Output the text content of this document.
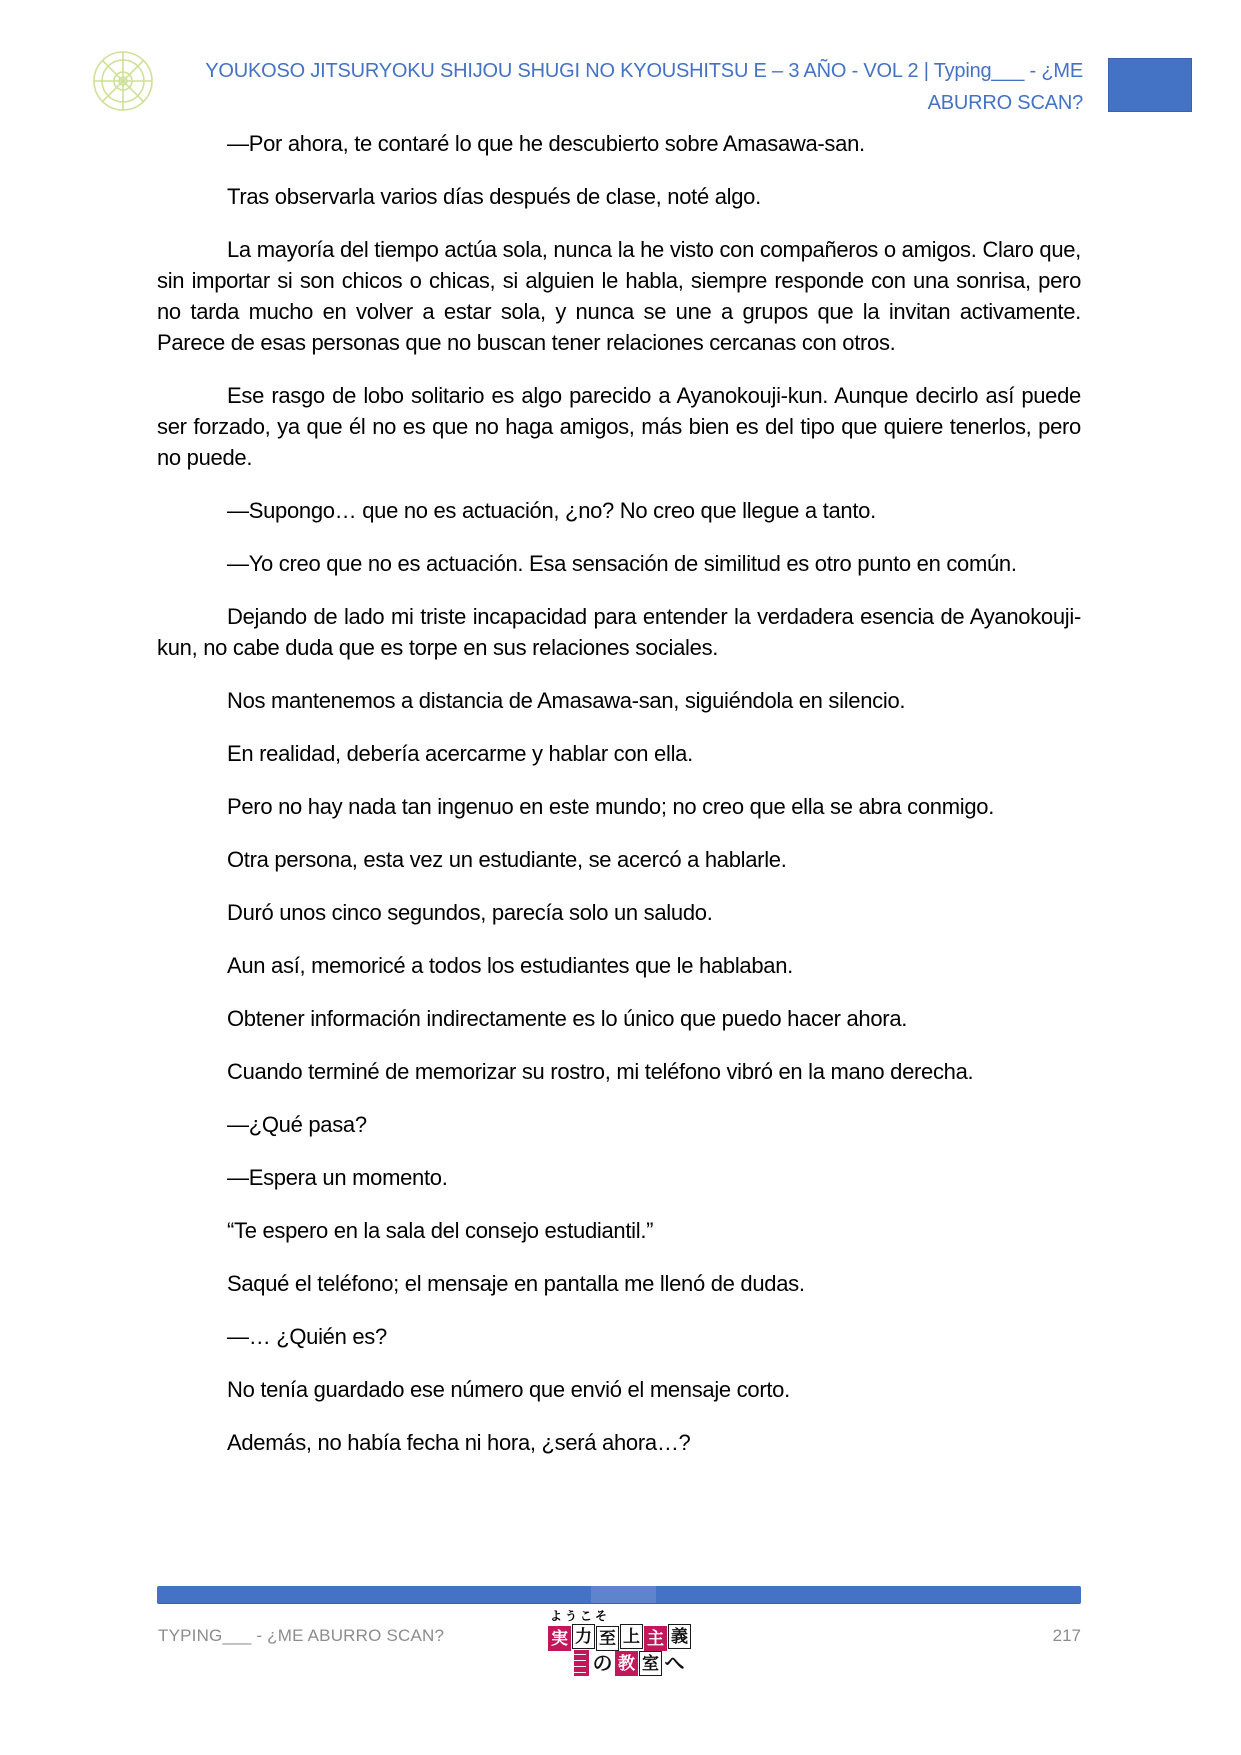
YOUKOSO JITSURYOKU SHIJOU SHUGI NO KYOUSHITSU E – 3 AÑO - VOL 2 | Typing___ - ¿ME ABURRO SCAN?

—Por ahora, te contaré lo que he descubierto sobre Amasawa-san.

Tras observarla varios días después de clase, noté algo.

La mayoría del tiempo actúa sola, nunca la he visto con compañeros o amigos. Claro que, sin importar si son chicos o chicas, si alguien le habla, siempre responde con una sonrisa, pero no tarda mucho en volver a estar sola, y nunca se une a grupos que la invitan activamente. Parece de esas personas que no buscan tener relaciones cercanas con otros.

Ese rasgo de lobo solitario es algo parecido a Ayanokouji-kun. Aunque decirlo así puede ser forzado, ya que él no es que no haga amigos, más bien es del tipo que quiere tenerlos, pero no puede.

—Supongo… que no es actuación, ¿no? No creo que llegue a tanto.

—Yo creo que no es actuación. Esa sensación de similitud es otro punto en común.

Dejando de lado mi triste incapacidad para entender la verdadera esencia de Ayanokouji-kun, no cabe duda que es torpe en sus relaciones sociales.

Nos mantenemos a distancia de Amasawa-san, siguiéndola en silencio.

En realidad, debería acercarme y hablar con ella.

Pero no hay nada tan ingenuo en este mundo; no creo que ella se abra conmigo.

Otra persona, esta vez un estudiante, se acercó a hablarle.

Duró unos cinco segundos, parecía solo un saludo.

Aun así, memoricé a todos los estudiantes que le hablaban.

Obtener información indirectamente es lo único que puedo hacer ahora.

Cuando terminé de memorizar su rostro, mi teléfono vibró en la mano derecha.

—¿Qué pasa?

—Espera un momento.

“Te espero en la sala del consejo estudiantil.”

Saqué el teléfono; el mensaje en pantalla me llenó de dudas.

—… ¿Quién es?

No tenía guardado ese número que envió el mensaje corto.

Además, no había fecha ni hora, ¿será ahora…?

TYPING___ - ¿ME ABURRO SCAN?	217
ようこそ
実 力 至 上 主 義
の 教 室 へ
